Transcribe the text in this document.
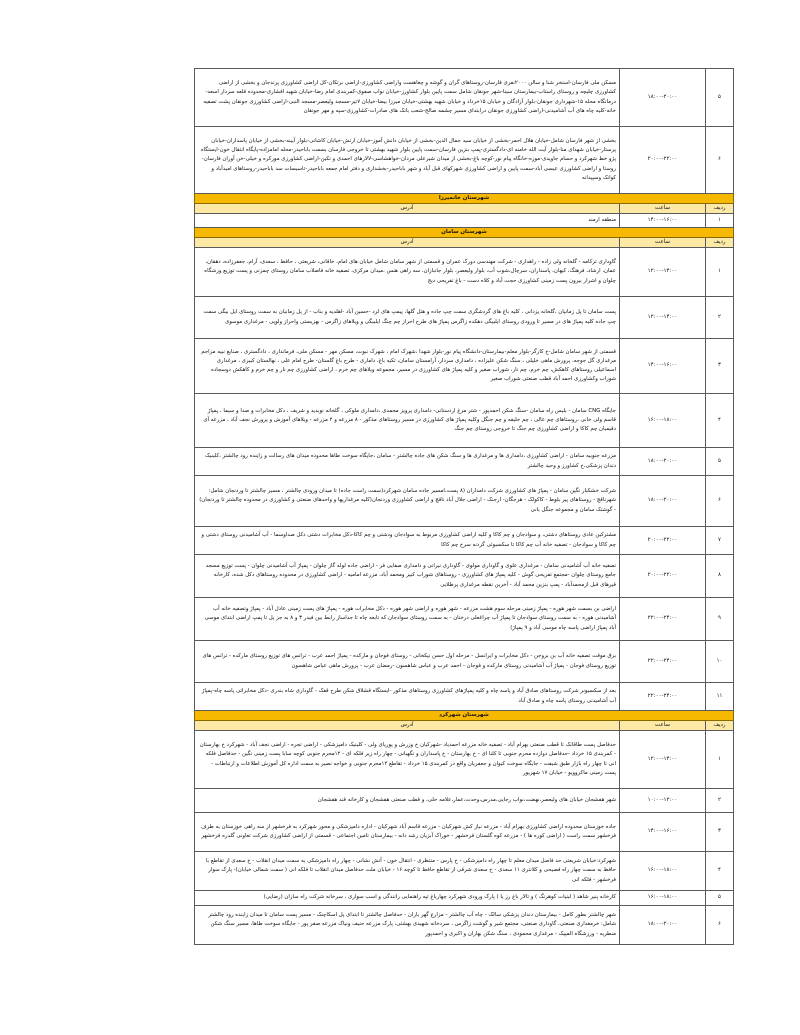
۵	۱۸:۰۰-۲۰:۰۰	مسکن ملی فارسان-استخر شنا و سالن ۲۰۰۰نفری فارسان-روستاهای گران و گوشه و چغاهست واراضی کشاورزی-اراضی برتکان-کل اراضی کشاورزی پرندجان و بخشی از اراضی کشاورزی چلیچه و روستای راستاب-بیمارستان سینا-شهر جونقان شامل سمت پایین بلوار کشاورز-خیابان نواب صفوی-کمربندی امام رضا-خیابان شهید افشاری-محدوده قلعه سردار اسعد-درمانگاه محله ۱۵-شهرداری جونقان-بلوار آزادگان و خیابان ۱۵خرداد و خیابان شهید بهشتی-خیابان میرزا بیضا-خیابان ۷تیر-مسجد ولیعصر-مسجد النبی-اراضی کشاورزی جونقان پشت تصفیه خانه-کلیه چاه های آب آشامیدنی-اراضی کشاورزی جونقان درابتدای مسیر چشمه صالح-شعب بانک های صادرات-کشاورزی-سپه و مهر جونقان
۶	۲۰:۰۰-۲۲:۰۰	بخشی از شهر فارسان شامل-خیابان هلال احمر-بخشی از خیابان سید جمال الدین-بخشی از خیابان دانش آموز-خیابان ارتش-خیابان کاشانی-بلوار آیینه-بخشی از خیابان پاسداران-خیابان پرستار-خیابان شهدای منا-بلوار آیت الله خامنه ای-دادگستری-پمپ بنزین فارسان-سمت پایین بلوار شهید بهشتی تا خروجی فارسان بسمت باباحیدر-محله امامزاده-پایگاه انتقال خون-ایستگاه پژو خط شهرکرد و حسام جاویدی-موزه-خانگاه پیام نور-کوچه باغ-بخشی از میدان شیرعلی مردان-خواهشاسی-لالارهای احمدی و تکین-اراضی کشاورزی مورکره و خیلی-خن آوران فارسان-روستا و اراضی کشاورزی عیسی آباد-سمت پایین و اراضی کشاورزی شهرکهای قبل آباد و شهر باباحیدر-بخشداری و دفتر امام جمعه باباحیدر-تاسیسات سد باباحیدر-روستاهای امیدآباد و کوانک وسپیدانه
شهرستان خانمیرزا		
ردیف	ساعت	آدرس
۱	۱۴:۰۰-۱۶:۰۰	منطقه ارمند
شهرستان سامان		
ردیف	ساعت	آدرس
۱	۱۲:۰۰-۱۴:۰۰	گاوداری ترکامه - گلخانه ولی زاده - راهداری - شرکت مهندسی دورک عمران و قسمتی از شهر سامان شامل خیابان های امام، خاقانی، شریعتی ، حافظ ، سعدی، آرام، جعفرزاده، دهقان، عمان، ارشاد، فرهنگ، کیهان، پاسداران، سرچال،شوب آب، بلوار ولیعصر، بلوار جانبازان، سه راهی هنس ،میدان مرکزی، تصفیه خانه فاضلاب سامان روستای چمزنی و پست توزیع وزشگاه چلوان و اشرار بیرون پست زمینی کشاورزی حجت آباد و کلاه دست - باغ تفریحی دیج
۲	۱۲:۰۰-۱۴:۰۰	پست سامان تا پل زمانیان ،گلخانه یزدانی ، کلیه باغ های گردشگری سمت چپ جاده و هتل گلها، پیمپ های لرد -حسین آباد -اهلدیه و بناب - از پل زمانیان به سمت روستای ایل بیگی سمت چپ جاده کلیه پمپاژ های در مسیر تا ورودی روستای ایلبیگی دهکده زاگرس پمپاژ های طرح احراز چم چنگ ایلبیگی و ویلاهای زاگرس - بهزیستی واحراز ولوپی - مرغداری موسوی
۳	۱۴:۰۰-۱۶:۰۰	قسمتی از شهر سامان شامل-خ کارگر-بلوار معلم-بیمارستان-دانشگاه پیام نور-بلوار شهدا ،شهرک امام ، شهرک نبوت، مسکن مهر - مسکن ملی، فرمانداری ، دادگستری ، صنایع نبیه مزاجم مرغداری گل جوجه، پرورش ماهی خلیلی ، سنگ شکن علیزاده ، دامداری سردار، آرامستان سامان، تکیه باغ، داماری - طرح باغ گلستان- طرح امام علی ، نهالستان کبیری ، مرغداری اسماعیلی روستاهای کاهکش، چم خرم، چم نار، شوراب صغیر و کلیه پمپاژ های کشاورزی در مسیر، مجموعه ویلاهای چم خرم ، اراضی کشاورزی چم نار و چم خرم و کاهکش دوسجاده شوراب وکشاورزی احمد آباد قطب صنعتی شوراب صغیر
۴	۱۶:۰۰-۱۸:۰۰	جایگاه CNG سامان - بلیس راه سامان -سنگ شکن احمدپور - شتر مرغ اردستانی- دامداری پرویز محمدی ،دامداری ملوکی ، گلخانه نوبدید و شریف ، دکل مخابرات و صدا و سیما ، پمپاژ قاسم ولی خانی ،روستاهای چم عالی ، چم خلیفه و چم جنگل وکلیه پمپاژ های کشاورزی در مسیر روستاهای مذکور - ۸ مزرعه و ۴ مزرعه - ویلاهای آموزش و پرورش نجف آباد ، مزرعه آی دقیمیان چم کاکا و اراضی کشاورزی چم جنگ تا خروجی روستای چم جنگ
۵	۱۸:۰۰-۲۰:۰۰	مزرعه جنوبیه سامان - اراضی کشاورزی ،دامداری ها و مرغداری ها و سنگ شکن های جاده چالشتر - سامان ،جایگاه سوخت طاها محدوده میدان های رسالت و زاینده رود چالشتر ،کلینیک دندان پزشکی،خ کشاورز و وحید چالشتر
۶	۱۸:۰۰-۲۰:۰۰	شرکت خشکبار نگین سامان - پمپاژ های کشاورزی شرکت دامداران (۸ پست،امسیر جاده سامان شهرکرد(سمت راست جاده) تا میدان ورودی چالشتر ، مسیر چالشتر تا وردنجان شامل: شهرناقچ - روستاهای پیر بلوط - کاکولک - هرجگان- ارجنک - اراضی جلال آباد ناقچ و اراضی کشاورزی وردنجان(کلیه مرغداریها و واحدهای صنعتی و کشاورزی در محدوده چالشتر تا وردنجان) - گوشتک سامان و مجموعه جنگل بانی
۷	۲۰:۰۰-۲۲:۰۰	مشترکین عادی روستاهای دشتی، و سوادجان و چم کاکا و کلیه اراضی کشاورزی مربوط به سوادجان ودشتی و چم کاکا-دکل مخابرات دشتی دکل صداوسما - آب آشامیدنی روستای دشتی و چم کاکا و سوادجان - تصفیه خانه آب چم کاکا تا سکسبوئی گردنه سرخ چم کاکا
۸	۲۰:۰۰-۲۲:۰۰	تصفیه خانه آب آشامیدنی سامان - مرغداری علوی و گاوداری مولوی - گاوداری نیرانی و دامداری صفایی فر - اراضی جاده لوله گاز چلوان - پمپاژ آب آشامیدنی چلوان - پست توزیع مسجد جامع روستای چلوان -مجتمع تفریحی گوش - کلیه پمپاژ های کشاورزی - روستاهای شوراب کبیر ومحمد آباد، مزرعه امامیه - اراضی کشاورزی در محدوده روستاهای دکل شده، کارخانه قیرهای قبل ازمحمدآباد - پمپ بنزین محمد آباد - آخرین نقطه مرغداری پرطلایی
۹	۲۲:۰۰-۲۴:۰۰	اراضی بن بسمت شهر هوره - پمپاژ زمینی مرحله سوم هشت مزرعه - شهر هوره و اراضی شهر هوره - دکل مخابرات هوره - پمپاژ های پست زمینی عادل آباد - پمپاژ وتصفیه خانه آب آشامیدنی هوره - به سمت روستای سوادجان تا پمپاژ آب چراغعلی درختان - به سمت روستای سوادجان که تابعه چاه تا جداساز رابط بین فیدر ۳ و ۸ به جز پل تا پمپ اراضی ابتدای موسی آباد پمپاژ اراضی پاسه چاه موسی آباد و ۹ پمپاژ)
۱۰	۲۲:۰۰-۲۴:۰۰	برق موقت تصفیه خانه آب بن بروجن - دکل مخابرات و ایرانسل - مرحله اول حسن نیکخانی - روستای فوجان و مارکده - پمپاژ احمد عرب - ترانس های توزیع روستای مارکده - ترانس های توزیع روستای فوجان - پمپاژ آب آشامیدنی روستای مارکده و فوجان - احمد عرب و عباس شاهسون -رمضان عرب - پرورش ماهی عباس شاهسون
۱۱	۲۲:۰۰-۲۴:۰۰	بعد از سکسیونر شرکت روستاهای صادق آباد و پاسه چاه و کلیه پمپاژهای کشاورزی روستاهای مذکور -ایستگاه قشلاق شکن طرح قفک - گاوداری شاه بندری -دکل مخابراتی پاسه چاه-پمپاژ آب آشامیدنی روستای پاسه چاه و صادق آباد
شهرستان شهرکرد		
ردیف	ساعت	آدرس
۱	۱۲:۰۰-۱۴:۰۰	حدفاصل پست طاقانک تا قطب صنعتی بهرام آباد - تصفیه خانه مزرعه احمدیاد -شهرکیان خ وزرش و پوریای ولی - کلینیک دامپزشکی - اراضی تجره - اراضی نجف آباد - شهرکرد خ بهارستان - کمربندی ۱۵ خرداد -حدفاصل دوازده محرم جنوبی تا کلنا ای - خ بهارستان - خ پاسداران و نگهبانی - چهار راه زیر فلکه ای - ۱۲محرم جنوبی کوچه سابا پست زمینی نگین - حدفاصل فلکه انی تا چهار راه بازار طبق شیفت - جایگاه سوخت کیوان و جعفریان واقع در کمربندی ۱۵ خرداد - تقاطع ۱۲محرم جنوبی و خواجه نصیر به سمت اداره کل آموزش اطلاعات و ارتباطات - پست زمینی ماکروویو - خیابان ۱۷ شهریور
۲	۱۰:۰۰-۱۲:۰۰	شهر هفشجان خیابان های ولیعصر،نهضت،نواب رجایی،مدرس،وحدت،عمار،علامه حلی، و قطب صنعتی هفشجان و کارخانه قند هفشجان
۳	۱۴:۰۰-۱۶:۰۰	جاده خوزستان محدوده اراضی کشاورزی بهرام آباد - مزرعه نیاز کش شهرکیان - مزرعه قاسم آباد شهرکیان - اداره دامپزشکی و محور شهرکرد به فرخشهر از سه راهی خوزستان به طرف فرخشهر سمت راست ( اراضی کوره ها ) - مزرعه کوه گلستان فرخشهر - خوراک آبزیان رشد دانه - بیمارستان تامین اجتماعی - قسمتی از اراضی کشاورزی شرکت تعاونی گلدره فرخشهر
۴	۱۶:۰۰-۱۸:۰۰	شهرکرد:خیابان شریعتی حد فاصل میدان معلم تا چهار راه دامپزشکی - خ پارس - منتظری - انتقال خون - آتش نشانی - چهار راه دامپزشکی به سمت میدان انقلاب - خ سعدی از تقاطع با حافظ به سمت چهار راه فصیحی و کلانتری ۱۱ سعدی - خ سعدی شرقی از تقاطع حافظ تا کوچه ۱۶ - خیابان ملت حدفاصل میدان انقلاب تا فلکه انی ( سمت شمالی خیابان)- پارک سوار فرخشهر - فلکه انی
۵	۱۶:۰۰-۱۸:۰۰	کارخانه پنیر شاهد ( لبنیات کوهرنگ ) و تالار باغ رز یا ) پارک ورودی شهرکرد چهارباغ تپه راهنمایی رانندگی و اسب سواری ، سرخانه شرکت راه سازان (رضایی)
۶	۱۸:۰۰-۲۰:۰۰	شهر چالشتر بطور کامل - بیمارستان دندان پزشکی سالک - چاه آب چالشتر - مزارع گهر یاران - حدفاصل چالشتر تا ابتدای پل اسکاچنک - مسیر پست سامان تا میدان زاینده رود چالشتر شامل: خرمغداری صنعتی، گاوداری صنعتی، مجتمع شیر و گوشت زاگرس ، سردخانه شهیدی بهشتی، پارک مزرعه حنیف ونیاک مزرعه صفر پور - جایگاه سوخت طاها، مسیر سنگ شکن منطریه - ورزشگاه المپیک - مرغداری محمودی ، سنگ شکن بهاران و اکبری و احمدپور
